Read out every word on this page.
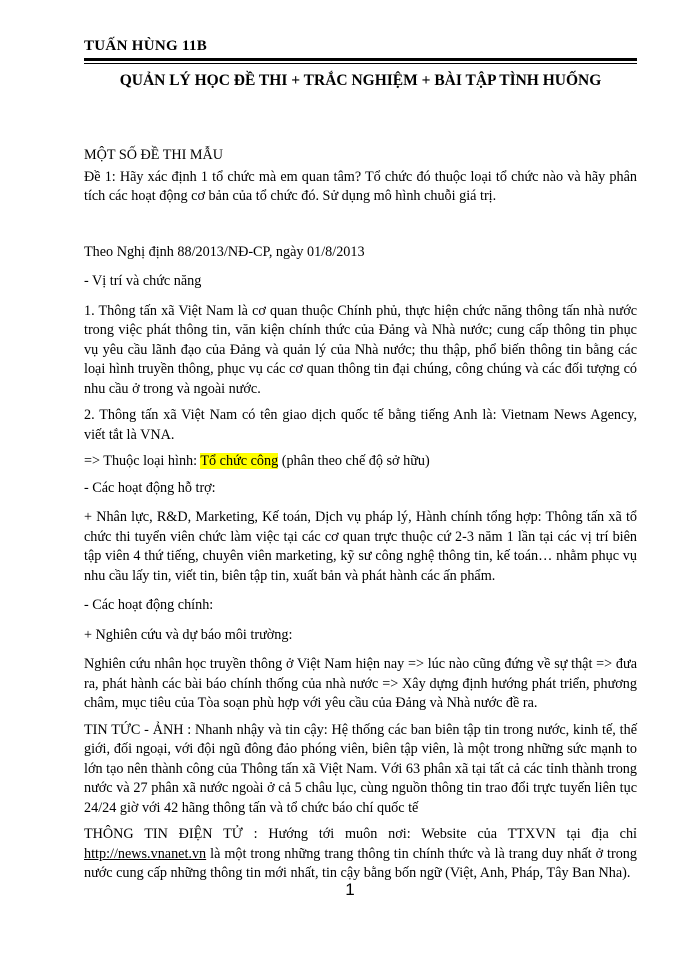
TUẤN HÙNG 11B
QUẢN LÝ HỌC ĐỀ THI + TRẮC NGHIỆM + BÀI TẬP TÌNH HUỐNG

MỘT SỐ ĐỀ THI MẪU

Đề 1: Hãy xác định 1 tổ chức mà em quan tâm? Tổ chức đó thuộc loại tổ chức nào và hãy phân tích các hoạt động cơ bản của tổ chức đó. Sử dụng mô hình chuỗi giá trị.

Theo Nghị định 88/2013/NĐ-CP, ngày 01/8/2013

- Vị trí và chức năng

1. Thông tấn xã Việt Nam là cơ quan thuộc Chính phủ, thực hiện chức năng thông tấn nhà nước trong việc phát thông tin, văn kiện chính thức của Đảng và Nhà nước; cung cấp thông tin phục vụ yêu cầu lãnh đạo của Đảng và quản lý của Nhà nước; thu thập, phổ biến thông tin bằng các loại hình truyền thông, phục vụ các cơ quan thông tin đại chúng, công chúng và các đối tượng có nhu cầu ở trong và ngoài nước.

2. Thông tấn xã Việt Nam có tên giao dịch quốc tế bằng tiếng Anh là: Vietnam News Agency, viết tắt là VNA.

=> Thuộc loại hình: Tổ chức công (phân theo chế độ sở hữu)

- Các hoạt động hỗ trợ:

+ Nhân lực, R&D, Marketing, Kế toán, Dịch vụ pháp lý, Hành chính tổng hợp: Thông tấn xã tổ chức thi tuyển viên chức làm việc tại các cơ quan trực thuộc cứ 2-3 năm 1 lần tại các vị trí biên tập viên 4 thứ tiếng, chuyên viên marketing, kỹ sư công nghệ thông tin, kế toán… nhằm phục vụ nhu cầu lấy tin, viết tin, biên tập tin, xuất bản và phát hành các ấn phẩm.

- Các hoạt động chính:

+ Nghiên cứu và dự báo môi trường:

Nghiên cứu nhân học truyền thông ở Việt Nam hiện nay => lúc nào cũng đứng về sự thật => đưa ra, phát hành các bài báo chính thống của nhà nước => Xây dựng định hướng phát triển, phương châm, mục tiêu của Tòa soạn phù hợp với yêu cầu của Đảng và Nhà nước đề ra.

TIN TỨC - ẢNH : Nhanh nhậy và tin cậy: Hệ thống các ban biên tập tin trong nước, kinh tế, thế giới, đối ngoại, với đội ngũ đông đảo phóng viên, biên tập viên, là một trong những sức mạnh to lớn tạo nên thành công của Thông tấn xã Việt Nam. Với 63 phân xã tại tất cả các tỉnh thành trong nước và 27 phân xã nước ngoài ở cả 5 châu lục, cùng nguồn thông tin trao đổi trực tuyến liên tục 24/24 giờ với 42 hãng thông tấn và tổ chức báo chí quốc tế

THÔNG TIN ĐIỆN TỬ : Hướng tới muôn nơi: Website của TTXVN tại địa chỉ http://news.vnanet.vn là một trong những trang thông tin chính thức và là trang duy nhất ở trong nước cung cấp những thông tin mới nhất, tin cậy bằng bốn ngữ (Việt, Anh, Pháp, Tây Ban Nha).

1
